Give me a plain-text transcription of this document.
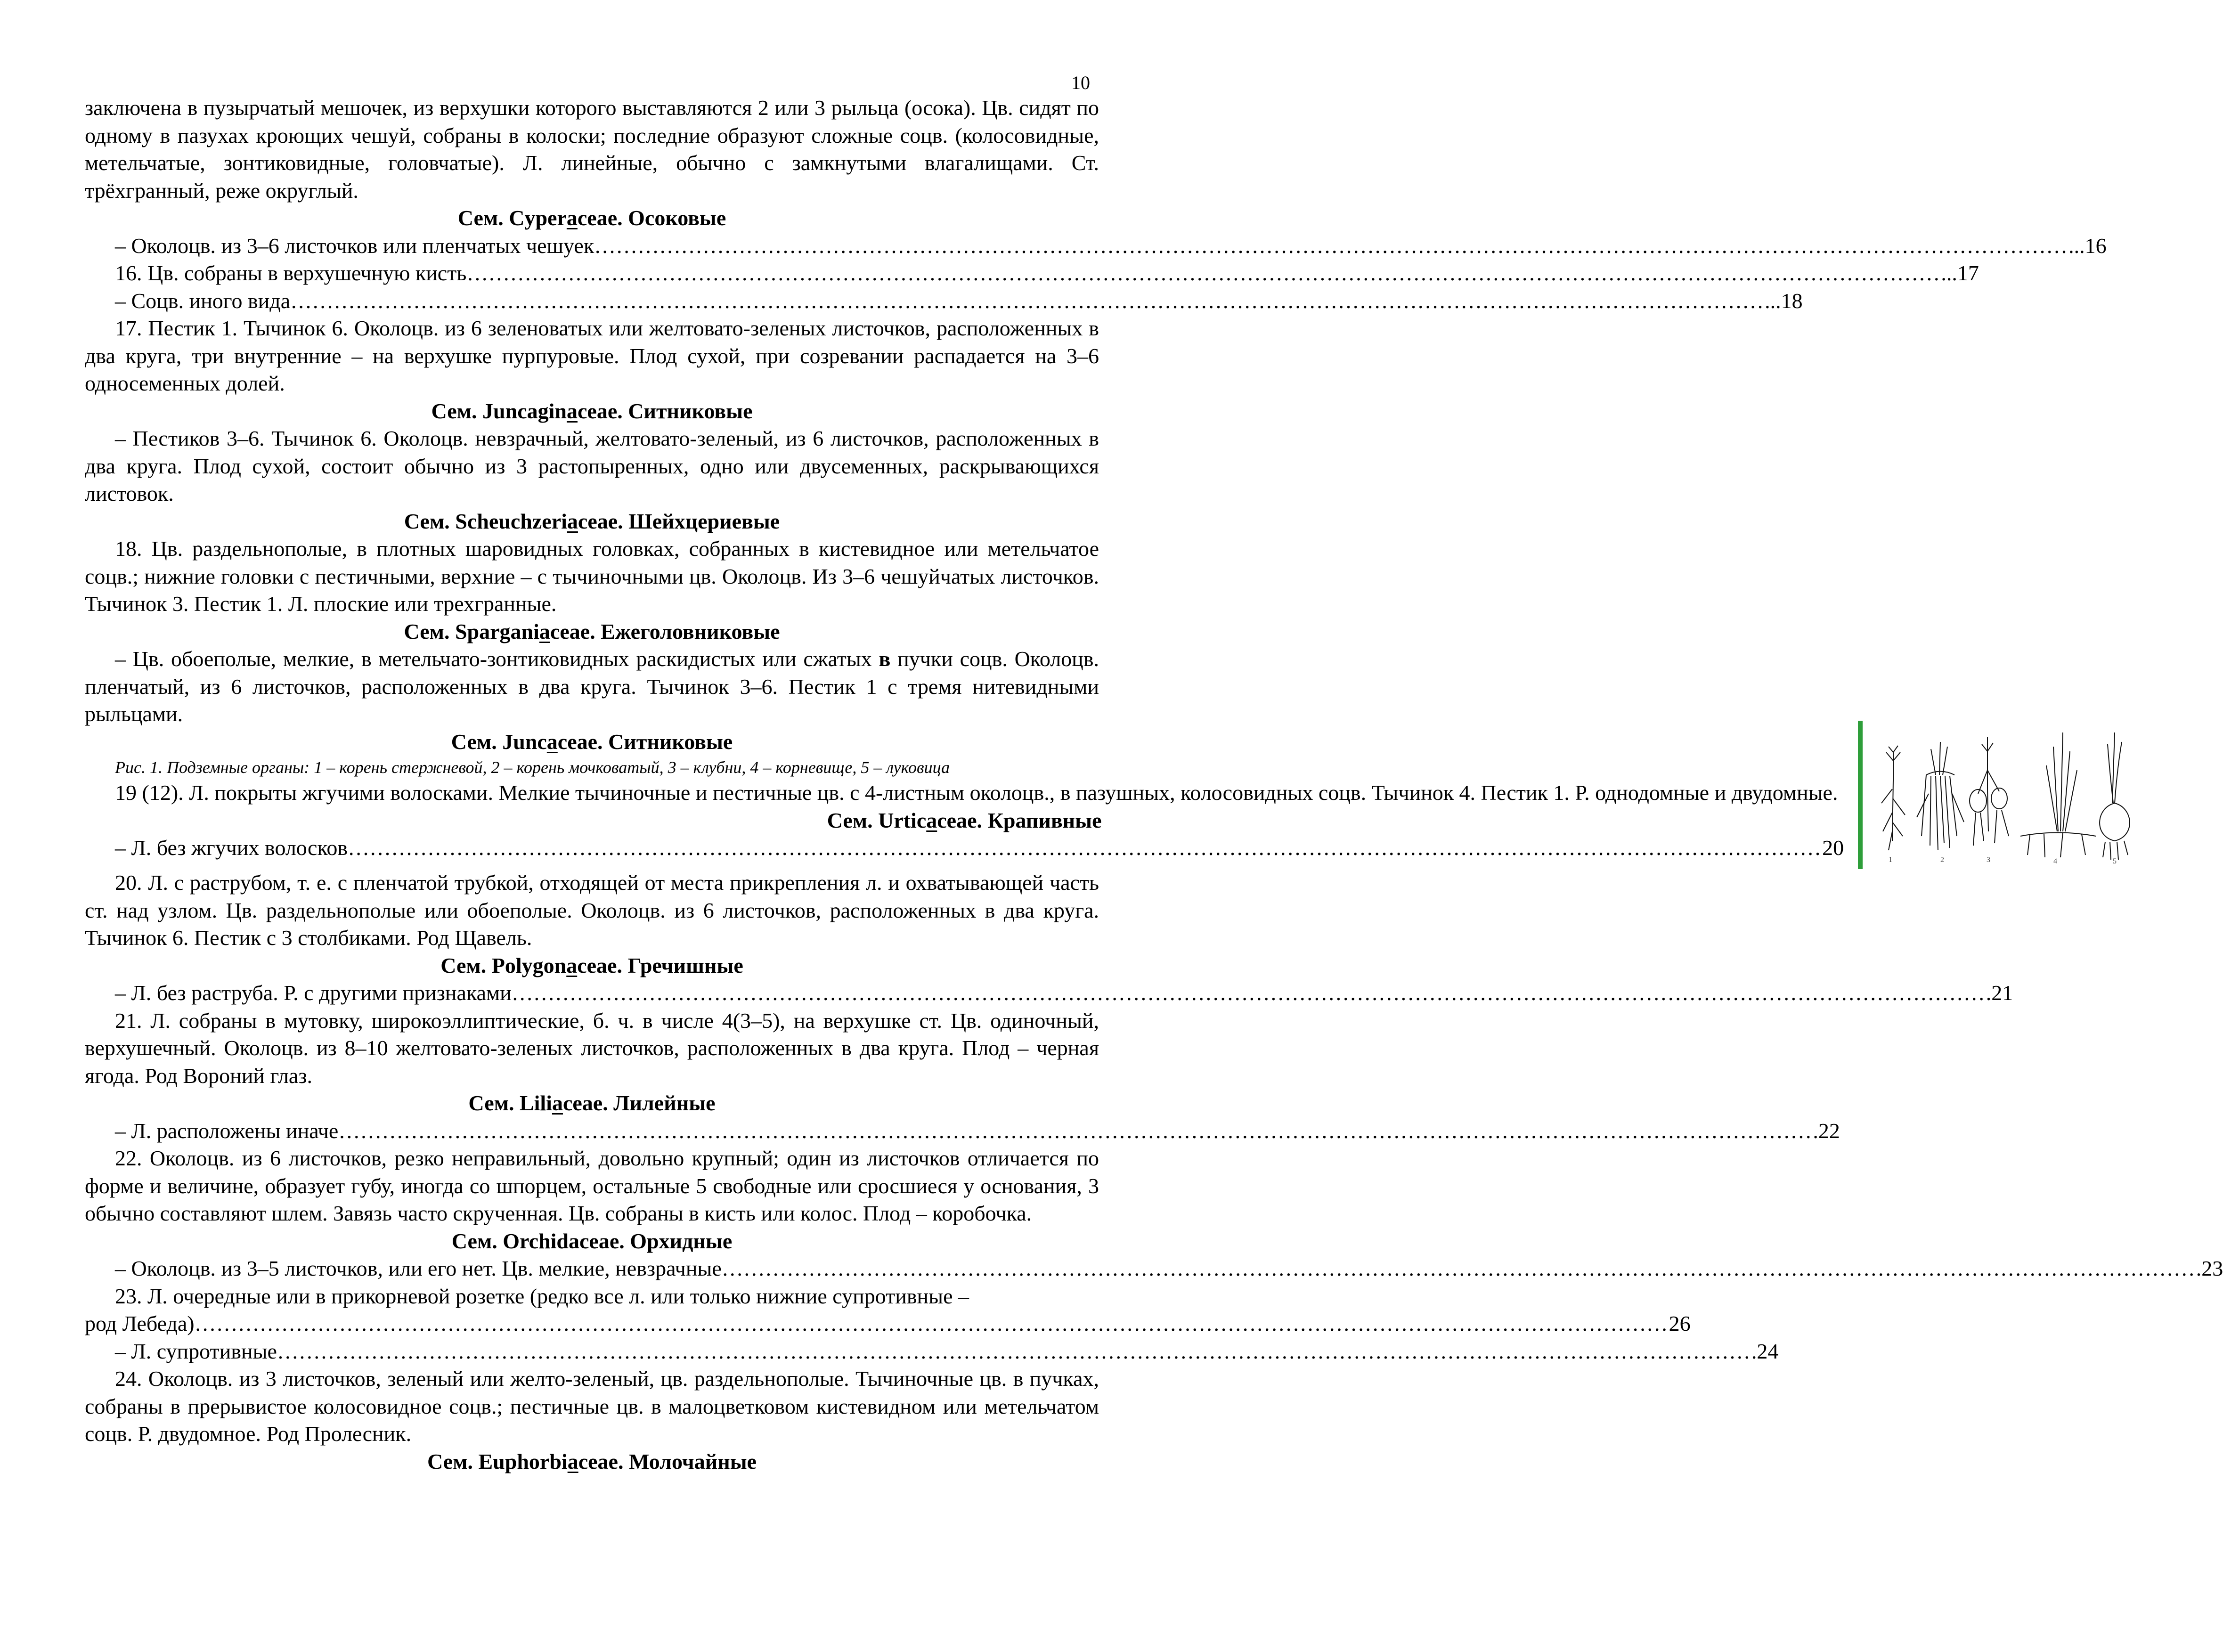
10

заключена в пузырчатый мешочек, из верхушки которого выставляются 2 или 3 рыльца (осока). Цв. сидят по одному в пазухах кроющих чешуй, собраны в колоски; последние образуют сложные соцв. (колосовидные, метельчатые, зонтиковидные, головчатые). Л. линейные, обычно с замкнутыми влагалищами. Ст. трёхгранный, реже округлый.

Сем. Cyperaceae. Осоковые

– Околоцв. из 3–6 листочков или пленчатых чешуек ……………………………………………………………………………………………………………………………………………………………………………………	...16
16. Цв. собраны в верхушечную кисть ……………………………………………………………………………………………………………………………………………………………………………………	...17
– Соцв. иного вида ……………………………………………………………………………………………………………………………………………………………………………………	...18

17. Пестик 1. Тычинок 6. Околоцв. из 6 зеленоватых или желтовато-зеленых листочков, расположенных в два круга, три внутренние – на верхушке пурпуровые. Плод сухой, при созревании распадается на 3–6 односеменных долей.

Сем. Juncaginaceae. Ситниковые

– Пестиков 3–6. Тычинок 6. Околоцв. невзрачный, желтовато-зеленый, из 6 листочков, расположенных в два круга. Плод сухой, состоит обычно из 3 растопыренных, одно или двусеменных, раскрывающихся листовок.

Сем. Scheuchzeriaceae. Шейхцериевые

18. Цв. раздельнополые, в плотных шаровидных головках, собранных в кистевидное или метельчатое соцв.; нижние головки с пестичными, верхние – с тычиночными цв. Околоцв. Из 3–6 чешуйчатых листочков. Тычинок 3. Пестик 1. Л. плоские или трехгранные.

Сем. Sparganiaceae. Ежеголовниковые

– Цв. обоеполые, мелкие, в метельчато-зонтиковидных раскидистых или сжатых в пучки соцв. Околоцв. пленчатый, из 6 листочков, расположенных в два круга. Тычинок 3–6. Пестик 1 с тремя нитевидными рыльцами.

Сем. Juncaceae. Ситниковые

Рис. 1. Подземные органы: 1 – корень стержневой, 2 – корень мочковатый, 3 – клубни, 4 – корневище, 5 – луковица

19 (12). Л. покрыты жгучими волосками. Мелкие тычиночные и пестичные цв. с 4-листным околоцв., в пазушных, колосовидных соцв. Тычинок 4. Пестик 1. Р. однодомные и двудомные.

Сем. Urticaceae. Крапивные

– Л. без жгучих волосков ……………………………………………………………………………………………………………………………………………………………………………………	20
1	2	3	4	5

20. Л. с раструбом, т. е. с пленчатой трубкой, отходящей от места прикрепления л. и охватывающей часть ст. над узлом. Цв. раздельнополые или обоеполые. Околоцв. из 6 листочков, расположенных в два круга. Тычинок 6. Пестик с 3 столбиками. Род Щавель.

Сем. Polygonaceae. Гречишные

– Л. без раструба. Р. с другими признаками ……………………………………………………………………………………………………………………………………………………………………………………	.21

21. Л. собраны в мутовку, широкоэллиптические, б. ч. в числе 4(3–5), на верхушке ст. Цв. одиночный, верхушечный. Околоцв. из 8–10 желтовато-зеленых листочков, расположенных в два круга. Плод – черная ягода. Род Вороний глаз.

Сем. Liliaceae. Лилейные

– Л. расположены иначе ……………………………………………………………………………………………………………………………………………………………………………………	.22

22. Околоцв. из 6 листочков, резко неправильный, довольно крупный; один из листочков отличается по форме и величине, образует губу, иногда со шпорцем, остальные 5 свободные или сросшиеся у основания, 3 обычно составляют шлем. Завязь часто скрученная. Цв. собраны в кисть или колос. Плод – коробочка.

Сем. Orchidaceae. Орхидные

– Околоцв. из 3–5 листочков, или его нет. Цв. мелкие, невзрачные ……………………………………………………………………………………………………………………………………………………………………………………	.23

23. Л. очередные или в прикорневой розетке (редко все л. или только нижние супротивные –

род Лебеда) ……………………………………………………………………………………………………………………………………………………………………………………	26
– Л. супротивные ……………………………………………………………………………………………………………………………………………………………………………………	.24

24. Околоцв. из 3 листочков, зеленый или желто-зеленый, цв. раздельнополые. Тычиночные цв. в пучках, собраны в прерывистое колосовидное соцв.; пестичные цв. в малоцветковом кистевидном или метельчатом соцв. Р. двудомное. Род Пролесник.

Сем. Euphorbiaceae. Молочайные
